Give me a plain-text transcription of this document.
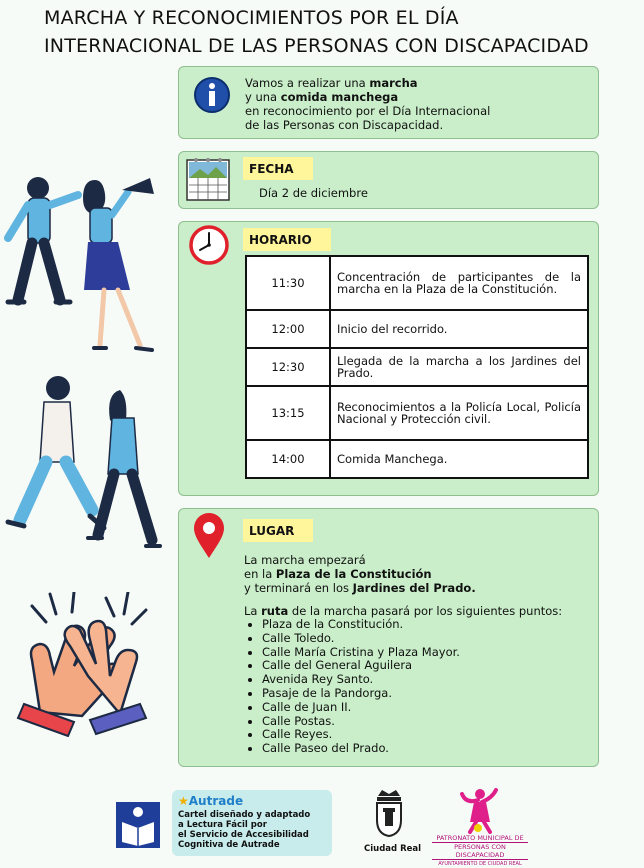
MARCHA Y RECONOCIMIENTOS POR EL DÍA
INTERNACIONAL DE LAS PERSONAS CON DISCAPACIDAD
Vamos a realizar una marcha
y una comida manchega
en reconocimiento por el Día Internacional
de las Personas con Discapacidad.
FECHA
Día 2 de diciembre
HORARIO
11:30	Concentración de participantes de la marcha en la Plaza de la Constitución.
12:00	Inicio del recorrido.
12:30	Llegada de la marcha a los Jardines del Prado.
13:15	Reconocimientos a la Policía Local, Policía Nacional y Protección civil.
14:00	Comida Manchega.
LUGAR
La marcha empezará
en la Plaza de la Constitución
y terminará en los Jardines del Prado.
La ruta de la marcha pasará por los siguientes puntos:
• Plaza de la Constitución.
• Calle Toledo.
• Calle María Cristina y Plaza Mayor.
• Calle del General Aguilera
• Avenida Rey Santo.
• Pasaje de la Pandorga.
• Calle de Juan II.
• Calle Postas.
• Calle Reyes.
• Calle Paseo del Prado.
★Autrade
Cartel diseñado y adaptado
a Lectura Fácil por
el Servicio de Accesibilidad
Cognitiva de Autrade	Ciudad Real
PATRONATO MUNICIPAL DE
PERSONAS CON DISCAPACIDAD
AYUNTAMIENTO DE CIUDAD REAL
